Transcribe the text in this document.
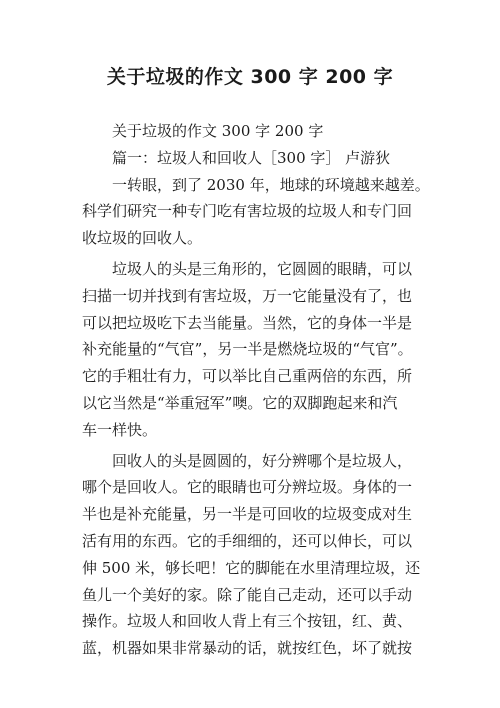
关于垃圾的作文 300 字 200 字
关于垃圾的作文 300 字 200 字
篇一：垃圾人和回收人［300 字］ 卢游狄
一转眼，到了 2030 年，地球的环境越来越差。
科学们研究一种专门吃有害垃圾的垃圾人和专门回
收垃圾的回收人。
垃圾人的头是三角形的，它圆圆的眼睛，可以
扫描一切并找到有害垃圾，万一它能量没有了，也
可以把垃圾吃下去当能量。当然，它的身体一半是
补充能量的“气官”，另一半是燃烧垃圾的“气官”。
它的手粗壮有力，可以举比自己重两倍的东西，所
以它当然是“举重冠军”噢。它的双脚跑起来和汽
车一样快。
回收人的头是圆圆的，好分辨哪个是垃圾人，
哪个是回收人。它的眼睛也可分辨垃圾。身体的一
半也是补充能量，另一半是可回收的垃圾变成对生
活有用的东西。它的手细细的，还可以伸长，可以
伸 500 米，够长吧！它的脚能在水里清理垃圾，还
鱼儿一个美好的家。除了能自己走动，还可以手动
操作。垃圾人和回收人背上有三个按钮，红、黄、
蓝，机器如果非常暴动的话，就按红色，坏了就按
